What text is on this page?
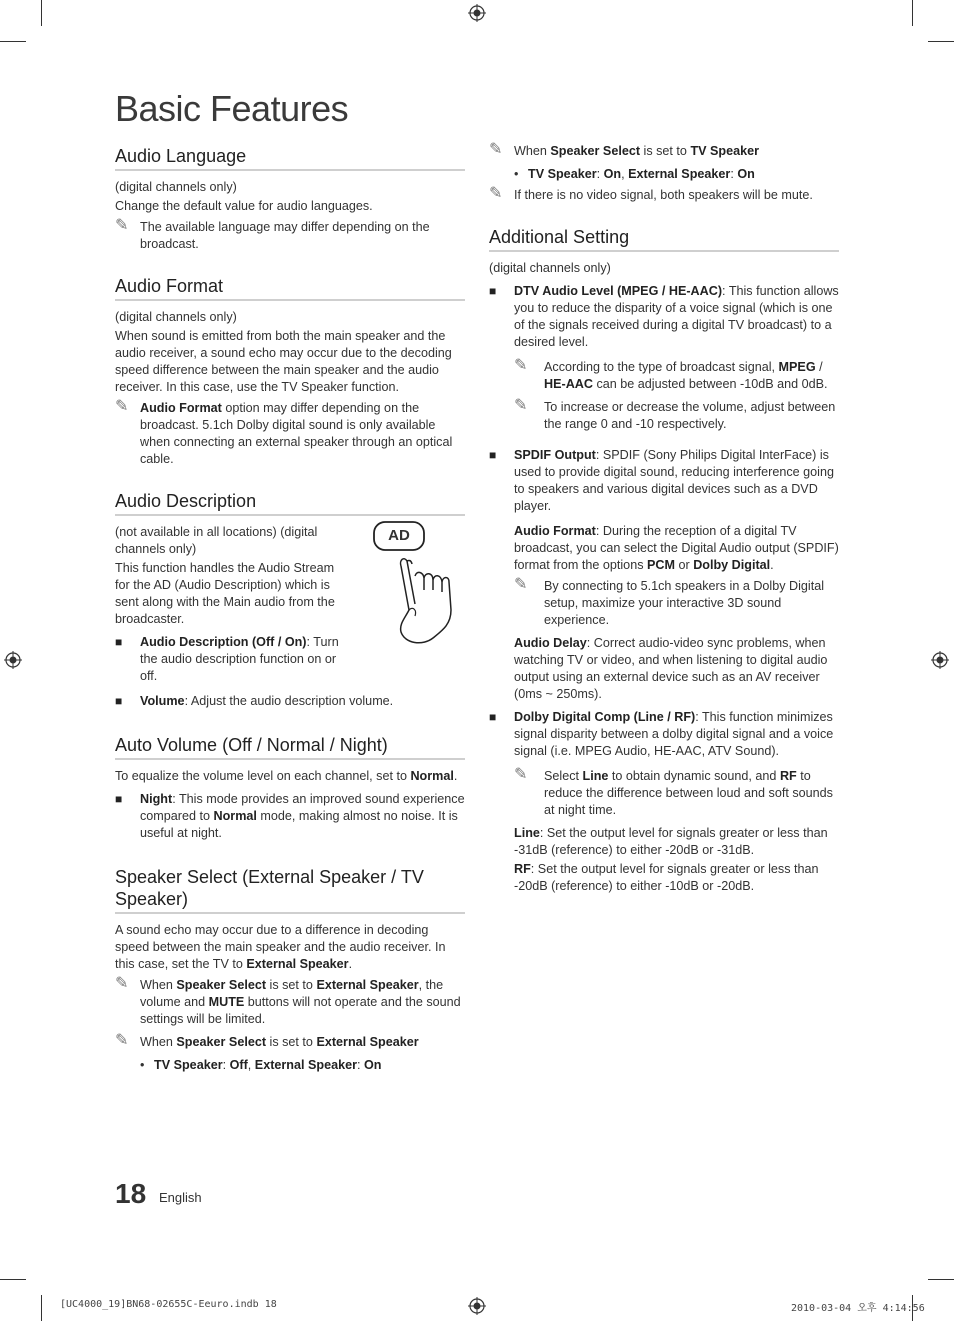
Basic Features
Audio Language

(digital channels only)

Change the default value for audio languages.

✎ The available language may differ depending on the broadcast.
Audio Format

(digital channels only)

When sound is emitted from both the main speaker and the audio receiver, a sound echo may occur due to the decoding speed difference between the main speaker and the audio receiver. In this case, use the TV Speaker function.

✎ Audio Format option may differ depending on the broadcast. 5.1ch Dolby digital sound is only available when connecting an external speaker through an optical cable.
Audio Description

(not available in all locations) (digital channels only)

This function handles the Audio Stream for the AD (Audio Description) which is sent along with the Main audio from the broadcaster.

■ Audio Description (Off / On): Turn the audio description function on or off.
AD
■ Volume: Adjust the audio description volume.
Auto Volume (Off / Normal / Night)

To equalize the volume level on each channel, set to Normal.

■ Night: This mode provides an improved sound experience compared to Normal mode, making almost no noise. It is useful at night.
Speaker Select (External Speaker / TV Speaker)

A sound echo may occur due to a difference in decoding speed between the main speaker and the audio receiver. In this case, set the TV to External Speaker.

✎ When Speaker Select is set to External Speaker, the volume and MUTE buttons will not operate and the sound settings will be limited.
✎ When Speaker Select is set to External Speaker
• TV Speaker: Off, External Speaker: On
✎ When Speaker Select is set to TV Speaker
• TV Speaker: On, External Speaker: On
✎ If there is no video signal, both speakers will be mute.
Additional Setting

(digital channels only)

■ DTV Audio Level (MPEG / HE-AAC): This function allows you to reduce the disparity of a voice signal (which is one of the signals received during a digital TV broadcast) to a desired level.
✎ According to the type of broadcast signal, MPEG / HE-AAC can be adjusted between -10dB and 0dB.
✎ To increase or decrease the volume, adjust between the range 0 and -10 respectively.
■ SPDIF Output: SPDIF (Sony Philips Digital InterFace) is used to provide digital sound, reducing interference going to speakers and various digital devices such as a DVD player.

Audio Format: During the reception of a digital TV broadcast, you can select the Digital Audio output (SPDIF) format from the options PCM or Dolby Digital.

✎ By connecting to 5.1ch speakers in a Dolby Digital setup, maximize your interactive 3D sound experience.

Audio Delay: Correct audio-video sync problems, when watching TV or video, and when listening to digital audio output using an external device such as an AV receiver (0ms ~ 250ms).

■ Dolby Digital Comp (Line / RF): This function minimizes signal disparity between a dolby digital signal and a voice signal (i.e. MPEG Audio, HE-AAC, ATV Sound).
✎ Select Line to obtain dynamic sound, and RF to reduce the difference between loud and soft sounds at night time.

Line: Set the output level for signals greater or less than -31dB (reference) to either -20dB or -31dB.

RF: Set the output level for signals greater or less than -20dB (reference) to either -10dB or -20dB.

18 English
[UC4000_19]BN68-02655C-Eeuro.indb 18	2010-03-04 오후 4:14:56
